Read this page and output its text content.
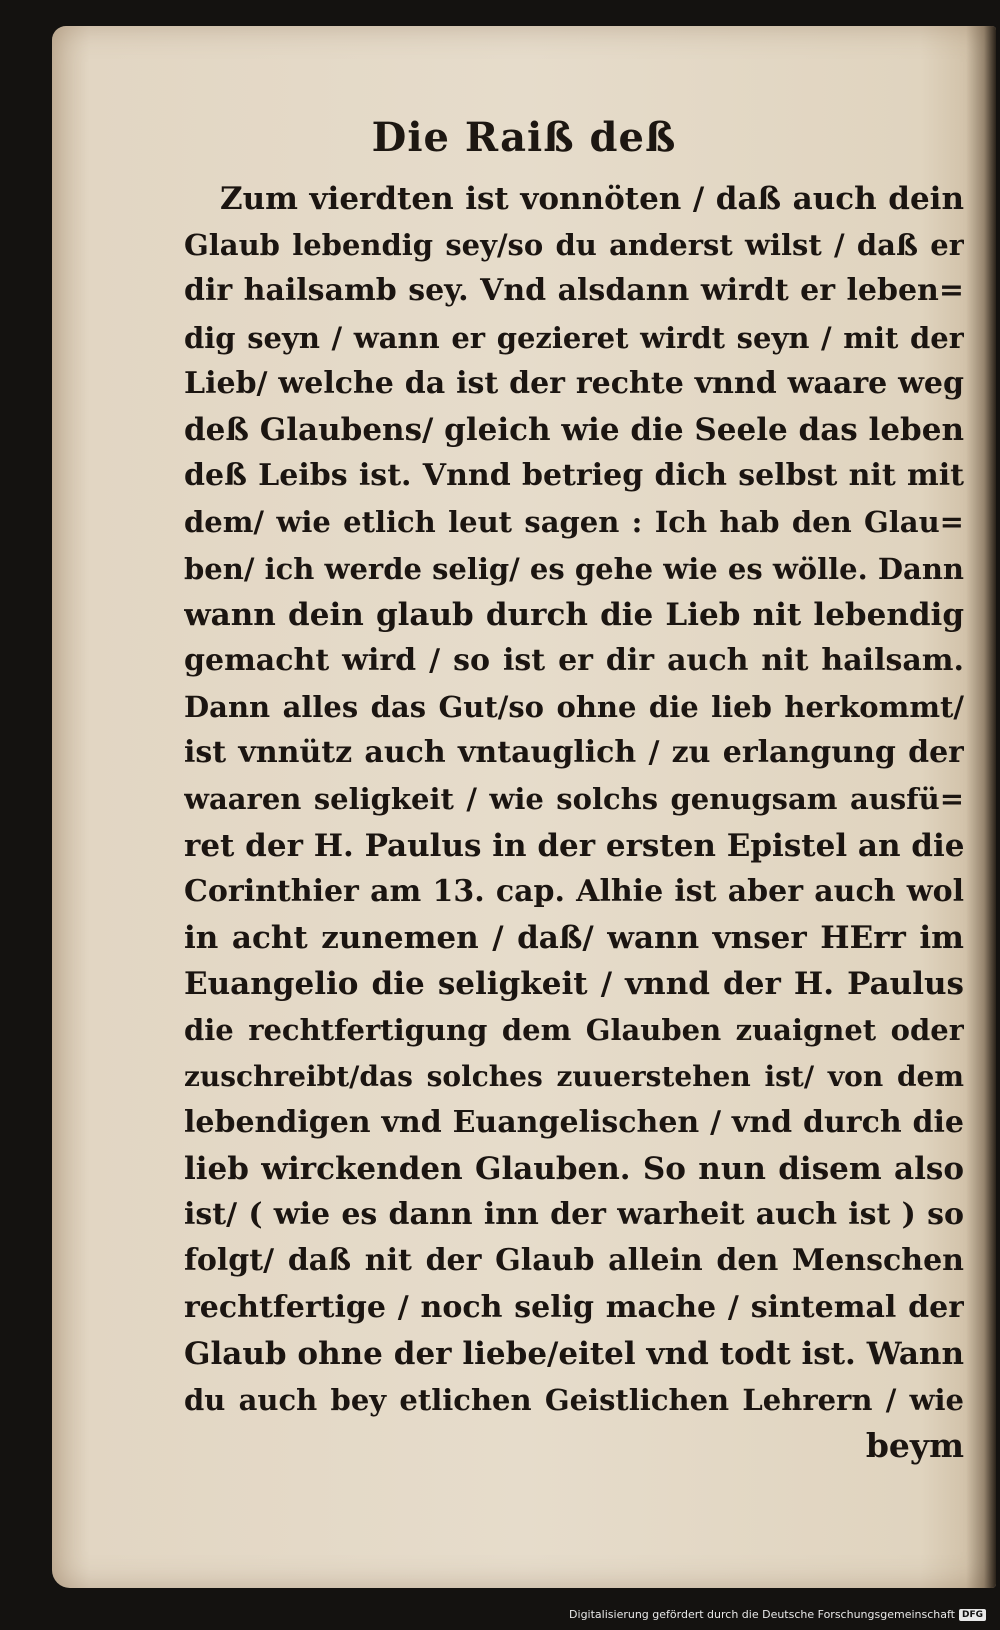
Die Raiß deß
Zum vierdten ist vonnöten / daß auch dein
Glaub lebendig sey/so du anderst wilst / daß er
dir hailsamb sey. Vnd alsdann wirdt er leben=
dig seyn / wann er gezieret wirdt seyn / mit der
Lieb/ welche da ist der rechte vnnd waare weg
deß Glaubens/ gleich wie die Seele das leben
deß Leibs ist. Vnnd betrieg dich selbst nit mit
dem/ wie etlich leut sagen : Ich hab den Glau=
ben/ ich werde selig/ es gehe wie es wölle. Dann
wann dein glaub durch die Lieb nit lebendig
gemacht wird / so ist er dir auch nit hailsam.
Dann alles das Gut/so ohne die lieb herkommt/
ist vnnütz auch vntauglich / zu erlangung der
waaren seligkeit / wie solchs genugsam ausfü=
ret der H. Paulus in der ersten Epistel an die
Corinthier am 13. cap. Alhie ist aber auch wol
in acht zunemen / daß/ wann vnser HErr im
Euangelio die seligkeit / vnnd der H. Paulus
die rechtfertigung dem Glauben zuaignet oder
zuschreibt/das solches zuuerstehen ist/ von dem
lebendigen vnd Euangelischen / vnd durch die
lieb wirckenden Glauben. So nun disem also
ist/ ( wie es dann inn der warheit auch ist ) so
folgt/ daß nit der Glaub allein den Menschen
rechtfertige / noch selig mache / sintemal der
Glaub ohne der liebe/eitel vnd todt ist. Wann
du auch bey etlichen Geistlichen Lehrern / wie
beym
Digitalisierung gefördert durch die Deutsche Forschungsgemeinschaft DFG
